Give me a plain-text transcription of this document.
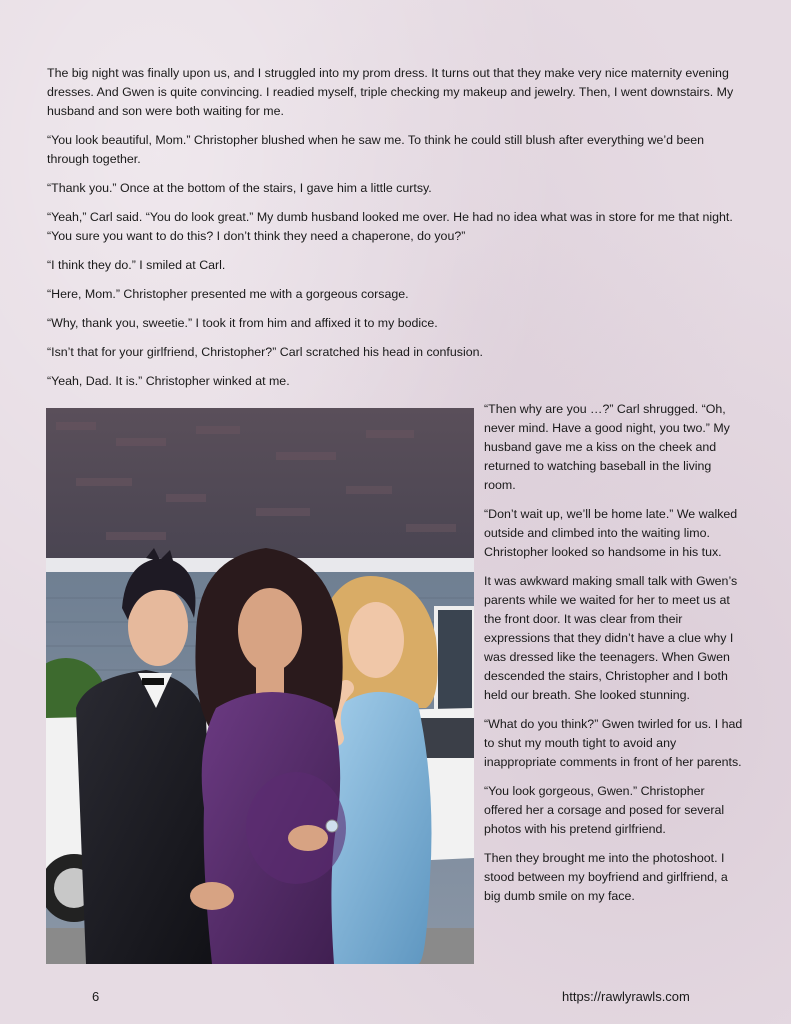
The big night was finally upon us, and I struggled into my prom dress. It turns out that they make very nice maternity evening dresses. And Gwen is quite convincing. I readied myself, triple checking my makeup and jewelry. Then, I went downstairs. My husband and son were both waiting for me.

“You look beautiful, Mom.” Christopher blushed when he saw me. To think he could still blush after everything we’d been through together.

“Thank you.” Once at the bottom of the stairs, I gave him a little curtsy.

“Yeah,” Carl said. “You do look great.” My dumb husband looked me over. He had no idea what was in store for me that night. “You sure you want to do this? I don’t think they need a chaperone, do you?”

“I think they do.” I smiled at Carl.

“Here, Mom.” Christopher presented me with a gorgeous corsage.

“Why, thank you, sweetie.” I took it from him and affixed it to my bodice.

“Isn’t that for your girlfriend, Christopher?” Carl scratched his head in confusion.

“Yeah, Dad. It is.” Christopher winked at me.

“Then why are you …?” Carl shrugged. “Oh, never mind. Have a good night, you two.” My husband gave me a kiss on the cheek and returned to watching baseball in the living room.

“Don’t wait up, we’ll be home late.” We walked outside and climbed into the waiting limo. Christopher looked so handsome in his tux.

It was awkward making small talk with Gwen’s parents while we waited for her to meet us at the front door. It was clear from their expressions that they didn’t have a clue why I was dressed like the teenagers. When Gwen descended the stairs, Christopher and I both held our breath. She looked stunning.

“What do you think?” Gwen twirled for us. I had to shut my mouth tight to avoid any inappropriate comments in front of her parents.

“You look gorgeous, Gwen.” Christopher offered her a corsage and posed for several photos with his pretend girlfriend.

Then they brought me into the photoshoot. I stood between my boyfriend and girlfriend, a big dumb smile on my face.

6	https://rawlyrawls.com
